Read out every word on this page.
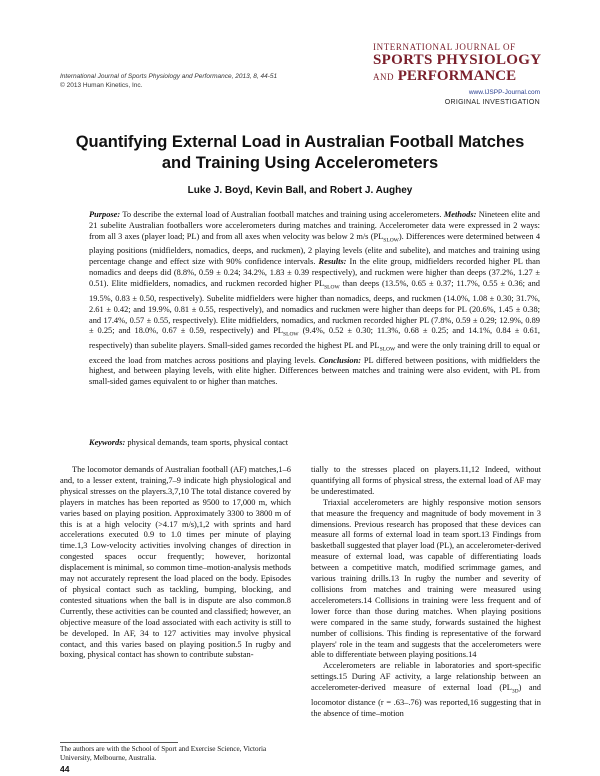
International Journal of Sports Physiology and Performance, 2013, 8, 44-51
© 2013 Human Kinetics, Inc.
INTERNATIONAL JOURNAL OF
SPORTS PHYSIOLOGY
AND PERFORMANCE
www.IJSPP-Journal.com
ORIGINAL INVESTIGATION
Quantifying External Load in Australian Football Matches
and Training Using Accelerometers
Luke J. Boyd, Kevin Ball, and Robert J. Aughey
Purpose: To describe the external load of Australian football matches and training using accelerometers. Methods: Nineteen elite and 21 subelite Australian footballers wore accelerometers during matches and training. Accelerometer data were expressed in 2 ways: from all 3 axes (player load; PL) and from all axes when velocity was below 2 m/s $(PL_{SLOW})$. Differences were determined between 4 playing positions (midfielders, nomadics, deeps, and ruckmen), 2 playing levels (elite and subelite), and matches and training using percentage change and effect size with 90% confidence intervals. Results: In the elite group, midfielders recorded higher PL than nomadics and deeps did (8.8%, 0.59 ± 0.24; 34.2%, 1.83 ± 0.39 respectively), and ruckmen were higher than deeps (37.2%, 1.27 ± 0.51). Elite midfielders, nomadics, and ruckmen recorded higher $PL_{SLOW}$ than deeps (13.5%, 0.65 ± 0.37; 11.7%, 0.55 ± 0.36; and 19.5%, 0.83 ± 0.50, respectively). Subelite midfielders were higher than nomadics, deeps, and ruckmen (14.0%, 1.08 ± 0.30; 31.7%, 2.61 ± 0.42; and 19.9%, 0.81 ± 0.55, respectively), and nomadics and ruckmen were higher than deeps for PL (20.6%, 1.45 ± 0.38; and 17.4%, 0.57 ± 0.55, respectively). Elite midfielders, nomadics, and ruckmen recorded higher PL (7.8%, 0.59 ± 0.29; 12.9%, 0.89 ± 0.25; and 18.0%, 0.67 ± 0.59, respectively) and $PL_{SLOW}$ (9.4%, 0.52 ± 0.30; 11.3%, 0.68 ± 0.25; and 14.1%, 0.84 ± 0.61, respectively) than subelite players. Small-sided games recorded the highest PL and $PL_{SLOW}$ and were the only training drill to equal or exceed the load from matches across positions and playing levels. Conclusion: PL differed between positions, with midfielders the highest, and between playing levels, with elite higher. Differences between matches and training were also evident, with PL from small-sided games equivalent to or higher than matches.
Keywords: physical demands, team sports, physical contact

The locomotor demands of Australian football (AF) matches,1–6 and, to a lesser extent, training,7–9 indicate high physiological and physical stresses on the players.3,7,10 The total distance covered by players in matches has been reported as 9500 to 17,000 m, which varies based on playing position. Approximately 3300 to 3800 m of this is at a high velocity (>4.17 m/s),1,2 with sprints and hard accelerations executed 0.9 to 1.0 times per minute of playing time.1,3 Low-velocity activities involving changes of direction in congested spaces occur frequently; however, horizontal displacement is minimal, so common time–motion-analysis methods may not accurately represent the load placed on the body. Episodes of physical contact such as tackling, bumping, blocking, and contested situations when the ball is in dispute are also common.8 Currently, these activities can be counted and classified; however, an objective measure of the load associated with each activity is still to be developed. In AF, 34 to 127 activities may involve physical contact, and this varies based on playing position.5 In rugby and boxing, physical contact has shown to contribute substan-

tially to the stresses placed on players.11,12 Indeed, without quantifying all forms of physical stress, the external load of AF may be underestimated.

Triaxial accelerometers are highly responsive motion sensors that measure the frequency and magnitude of body movement in 3 dimensions. Previous research has proposed that these devices can measure all forms of external load in team sport.13 Findings from basketball suggested that player load (PL), an accelerometer-derived measure of external load, was capable of differentiating loads between a competitive match, modified scrimmage games, and various training drills.13 In rugby the number and severity of collisions from matches and training were measured using accelerometers.14 Collisions in training were less frequent and of lower force than those during matches. When playing positions were compared in the same study, forwards sustained the highest number of collisions. This finding is representative of the forward players' role in the team and suggests that the accelerometers were able to differentiate between playing positions.14

Accelerometers are reliable in laboratories and sport-specific settings.15 During AF activity, a large relationship between an accelerometer-derived measure of external load $(PL_{3D})$ and locomotor distance (r = .63–.76) was reported,16 suggesting that in the absence of time–motion

The authors are with the School of Sport and Exercise Science, Victoria University, Melbourne, Australia.
44
